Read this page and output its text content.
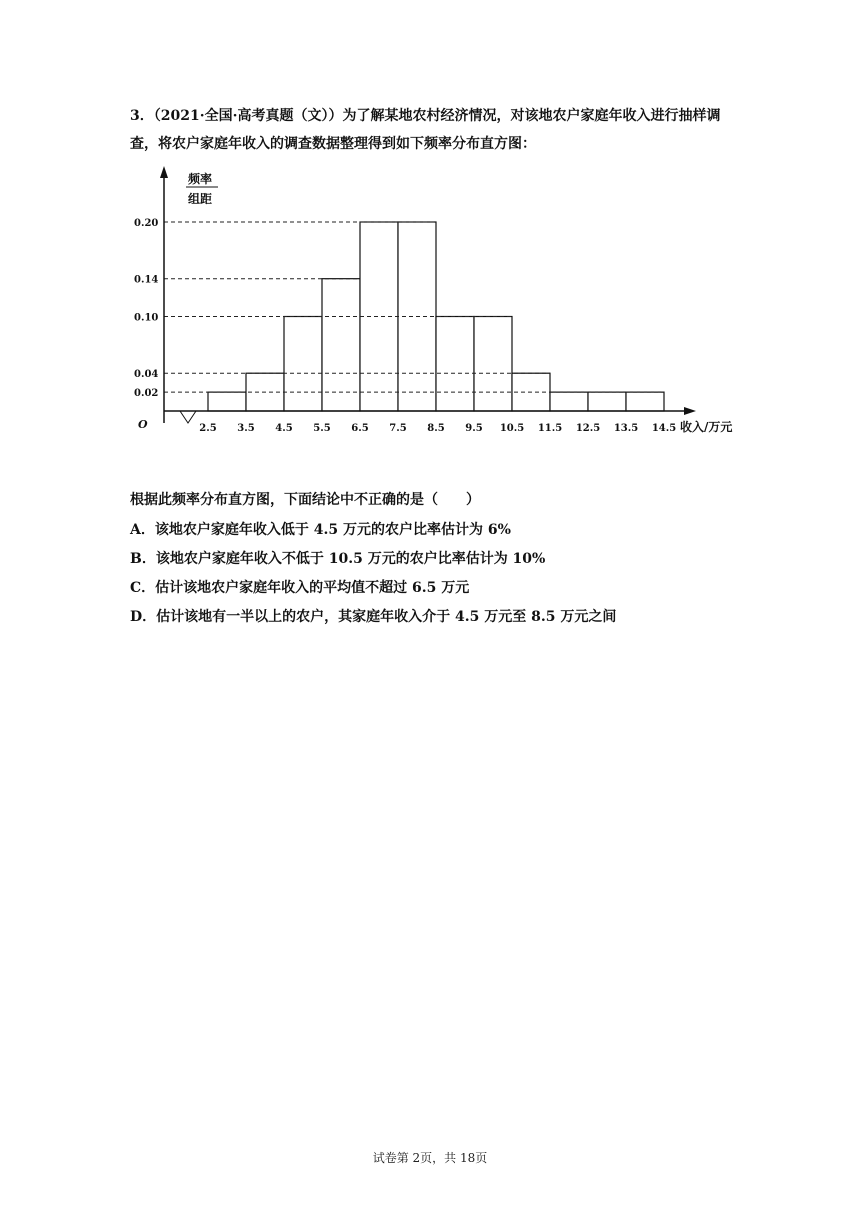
3．（2021·全国·高考真题（文））为了解某地农村经济情况，对该地农户家庭年收入进行抽样调查，将农户家庭年收入的调查数据整理得到如下频率分布直方图：
0.20
0.14
0.10
0.04
0.02
O	2.5 3.5 4.5 5.5 6.5 7.5 8.5 9.5 10.5 11.5 12.5 13.5 14.5
频率
组距
收入/万元
根据此频率分布直方图，下面结论中不正确的是（　　）
A．该地农户家庭年收入低于 4.5 万元的农户比率估计为 6%
B．该地农户家庭年收入不低于 10.5 万元的农户比率估计为 10%
C．估计该地农户家庭年收入的平均值不超过 6.5 万元
D．估计该地有一半以上的农户，其家庭年收入介于 4.5 万元至 8.5 万元之间
试卷第 2页，共 18页
